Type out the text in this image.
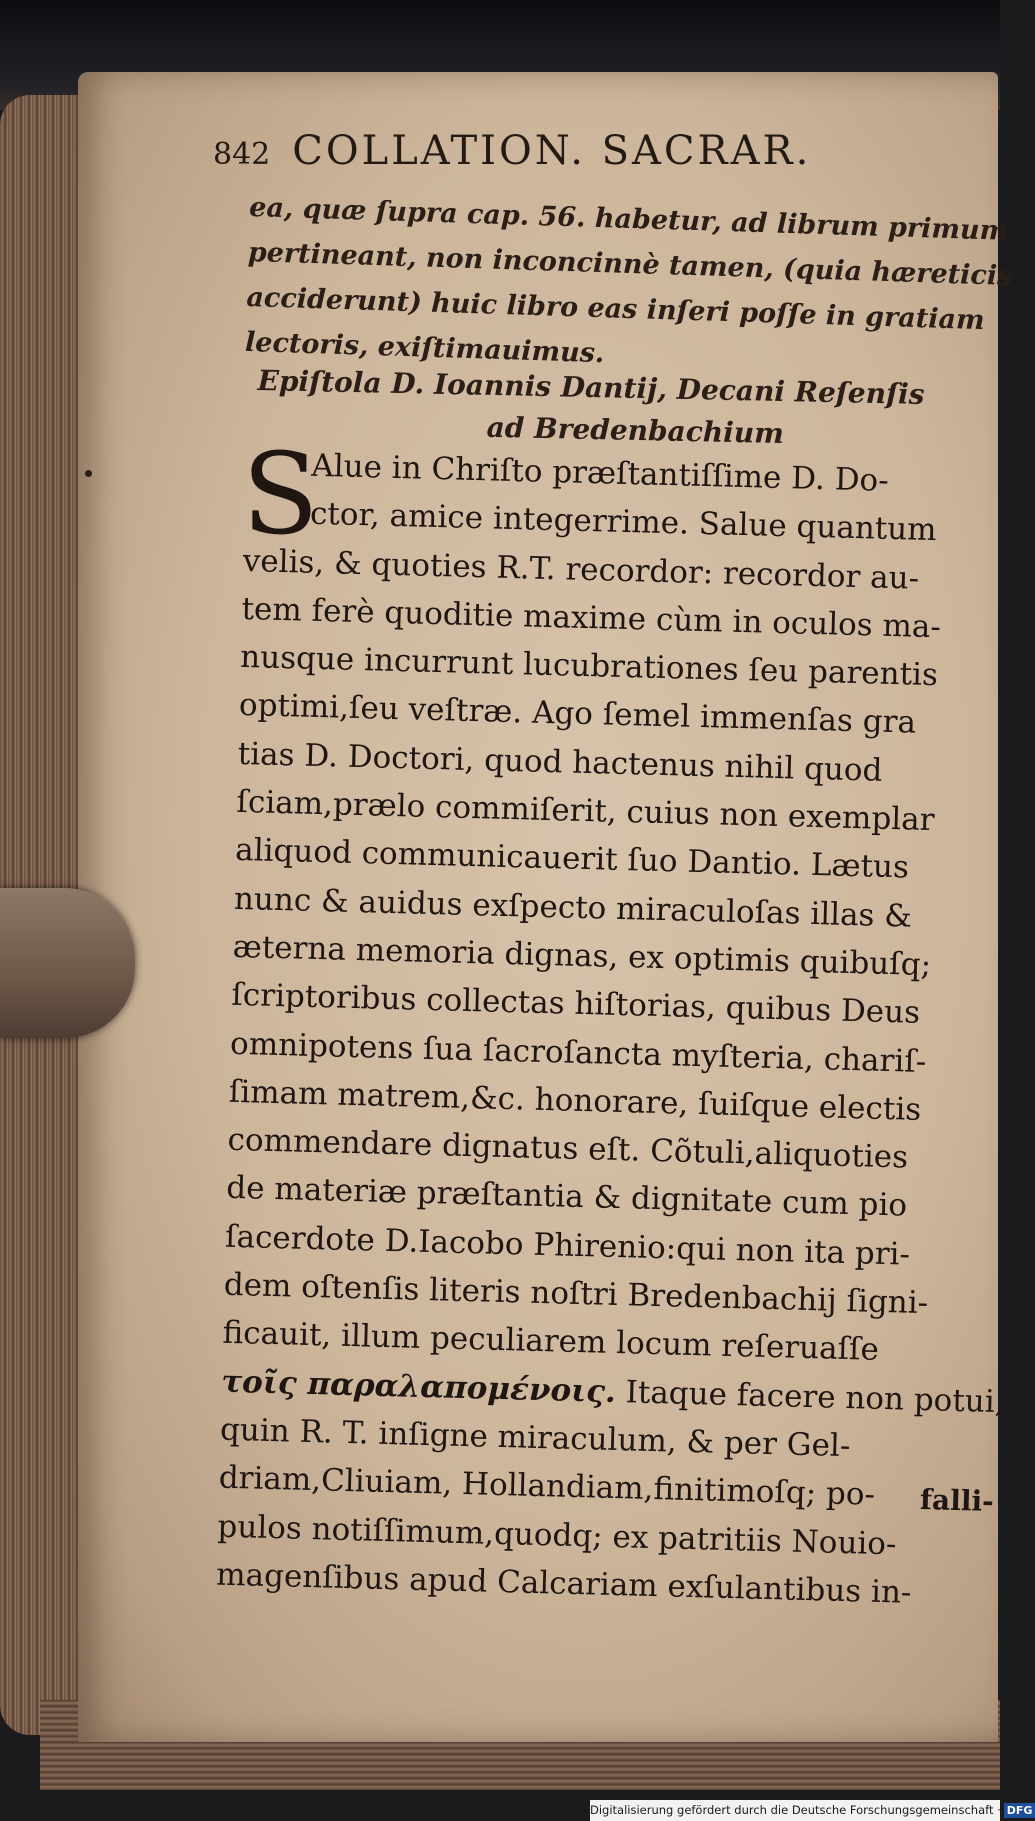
842 COLLATION. SACRAR.
ea, quæ ſupra cap. 56. habetur, ad librum primum
pertineant, non inconcinnè tamen, (quia hæreticis
acciderunt) huic libro eas inſeri poſſe in gratiam
lectoris, exiſtimauimus.
Epiſtola D. Ioannis Dantij, Decani Reſenſis
ad Bredenbachium
S
Alue in Chriſto præſtantiſſime D. Do-
ctor, amice integerrime. Salue quantum
velis, & quoties R.T. recordor: recordor au-
tem ferè quoditie maxime cùm in oculos ma-
nusque incurrunt lucubrationes ſeu parentis
optimi,ſeu veſtræ. Ago ſemel immenſas gra
tias D. Doctori, quod hactenus nihil quod
ſciam,prælo commiſerit, cuius non exemplar
aliquod communicauerit ſuo Dantio. Lætus
nunc & auidus exſpecto miraculoſas illas &
æterna memoria dignas, ex optimis quibuſq;
ſcriptoribus collectas hiſtorias, quibus Deus
omnipotens ſua ſacroſancta myſteria, chariſ-
ſimam matrem,&c. honorare, ſuiſque electis
commendare dignatus eſt. Cõtuli,aliquoties
de materiæ præſtantia & dignitate cum pio
ſacerdote D.Iacobo Phirenio:qui non ita pri-
dem oſtenſis literis noſtri Bredenbachij ſigni-
ficauit, illum peculiarem locum reſeruaſſe
τοῖς παραλαπομένοις. Itaque facere non potui,
quin R. T. inſigne miraculum, & per Gel-
driam,Cliuiam, Hollandiam,finitimoſq; po-
pulos notiſſimum,quodq; ex patritiis Nouio-
magenſibus apud Calcariam exſulantibus in-
falli-
Digitalisierung gefördert durch die Deutsche Forschungsgemeinschaft · DFG
